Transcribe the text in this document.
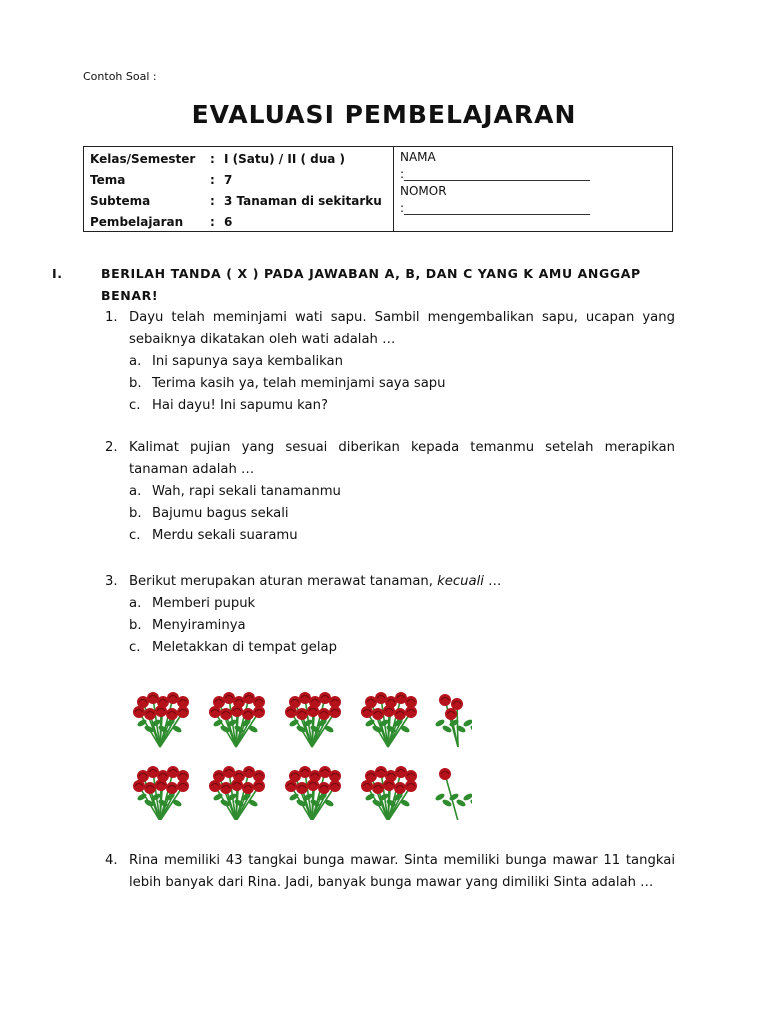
Contoh Soal :
EVALUASI PEMBELAJARAN
Kelas/Semester	: I (Satu) / II ( dua )
Tema	: 7
Subtema	: 3 Tanaman di sekitarku
Pembelajaran	: 6
NAMA
:_______________________________
NOMOR
:_______________________________
I.	BERILAH TANDA ( X ) PADA JAWABAN A, B, DAN C YANG K AMU ANGGAP BENAR!
1. Dayu telah meminjami wati sapu. Sambil mengembalikan sapu, ucapan yang sebaiknya dikatakan oleh wati adalah …
a. Ini sapunya saya kembalikan
b. Terima kasih ya, telah meminjami saya sapu
c. Hai dayu! Ini sapumu kan?
2. Kalimat pujian yang sesuai diberikan kepada temanmu setelah merapikan tanaman adalah …
a. Wah, rapi sekali tanamanmu
b. Bajumu bagus sekali
c. Merdu sekali suaramu
3. Berikut merupakan aturan merawat tanaman, kecuali …
a. Memberi pupuk
b. Menyiraminya
c. Meletakkan di tempat gelap
4. Rina memiliki 43 tangkai bunga mawar. Sinta memiliki bunga mawar 11 tangkai lebih banyak dari Rina. Jadi, banyak bunga mawar yang dimiliki Sinta adalah …
